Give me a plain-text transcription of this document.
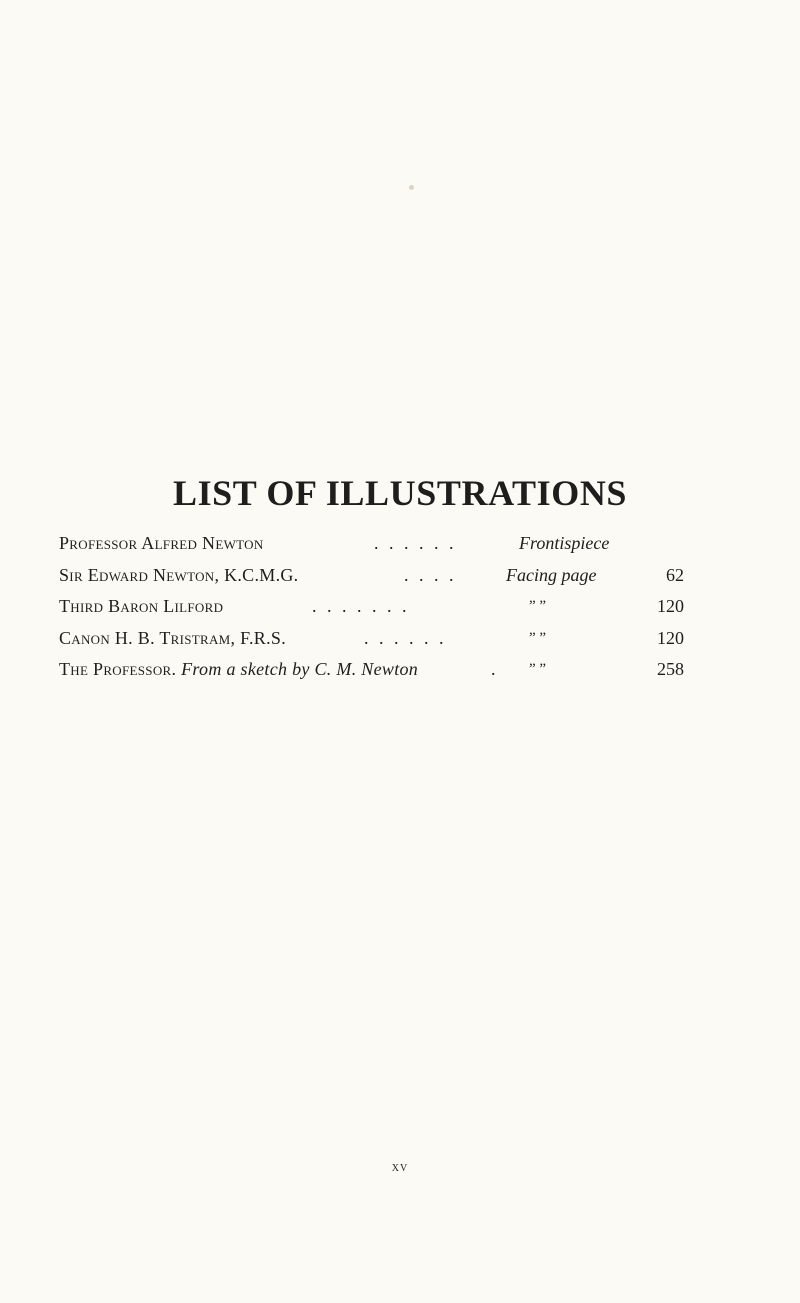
LIST OF ILLUSTRATIONS
Professor Alfred Newton	. . . . . .	Frontispiece
Sir Edward Newton, K.C.M.G.	. . . .	Facing page	62
Third Baron Lilford	. . . . . . .	” ”	120
Canon H. B. Tristram, F.R.S.	. . . . . .	” ”	120
The Professor. From a sketch by C. M. Newton	. ” ”	258
xv
